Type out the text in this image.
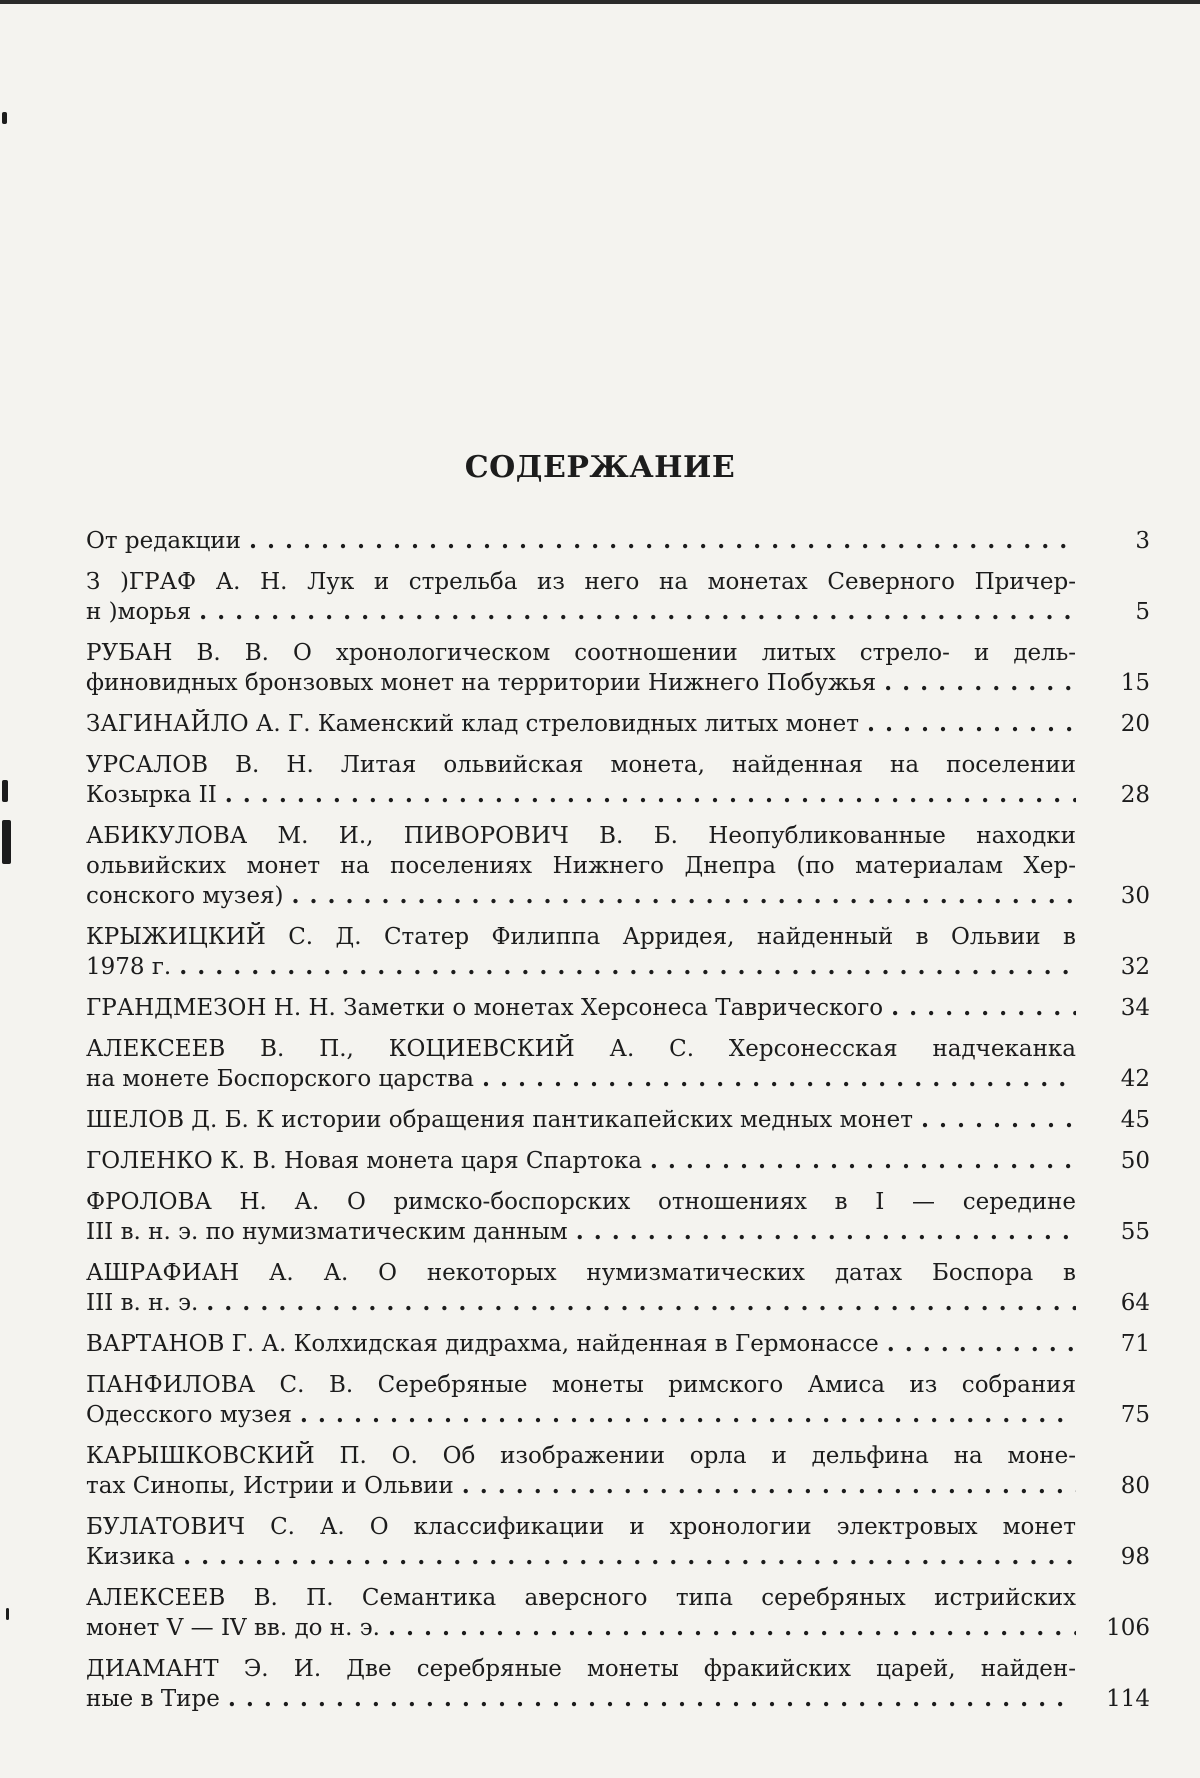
СОДЕРЖАНИЕ
От редакции ..............................................	3
З )ГРАФ А. Н. Лук и стрельба из него на монетах Северного Причер-
н )морья ................................................	5
РУБАН В. В. О хронологическом соотношении литых стрело- и дель-
финовидных бронзовых монет на территории Нижнего Побужья ..........	15
ЗАГИНАЙЛО А. Г. Каменский клад стреловидных литых монет ...........	20
УРСАЛОВ В. Н. Литая ольвийская монета, найденная на поселении
Козырка II ...............................................	28
АБИКУЛОВА М. И., ПИВОРОВИЧ В. Б. Неопубликованные находки
ольвийских монет на поселениях Нижнего Днепра (по материалам Хер-
сонского музея) ...........................................	30
КРЫЖИЦКИЙ С. Д. Статер Филиппа Арридея, найденный в Ольвии в
1978 г. ..................................................	32
ГРАНДМЕЗОН Н. Н. Заметки о монетах Херсонеса Таврического ..........	34
АЛЕКСЕЕВ В. П., КОЦИЕВСКИЙ А. С. Херсонесская надчеканка
на монете Боспорского царства .................................	42
ШЕЛОВ Д. Б. К истории обращения пантикапейских медных монет ........	45
ГОЛЕНКО К. В. Новая монета царя Спартока .......................	50
ФРОЛОВА Н. А. О римско-боспорских отношениях в I — середине
III в. н. э. по нумизматическим данным ...........................	55
АШРАФИАН А. А. О некоторых нумизматических датах Боспора в
III в. н. э. ................................................	64
ВАРТАНОВ Г. А. Колхидская дидрахма, найденная в Гермонассе ..........	71
ПАНФИЛОВА С. В. Серебряные монеты римского Амиса из собрания
Одесского музея ...........................................	75
КАРЫШКОВСКИЙ П. О. Об изображении орла и дельфина на моне-
тах Синопы, Истрии и Ольвии ..................................	80
БУЛАТОВИЧ С. А. О классификации и хронологии электровых монет
Кизика ..................................................	98
АЛЕКСЕЕВ В. П. Семантика аверсного типа серебряных истрийских
монет V — IV вв. до н. э. ........................................
106
ДИАМАНТ Э. И. Две серебряные монеты фракийских царей, найден-
ные в Тире ...............................................	114
